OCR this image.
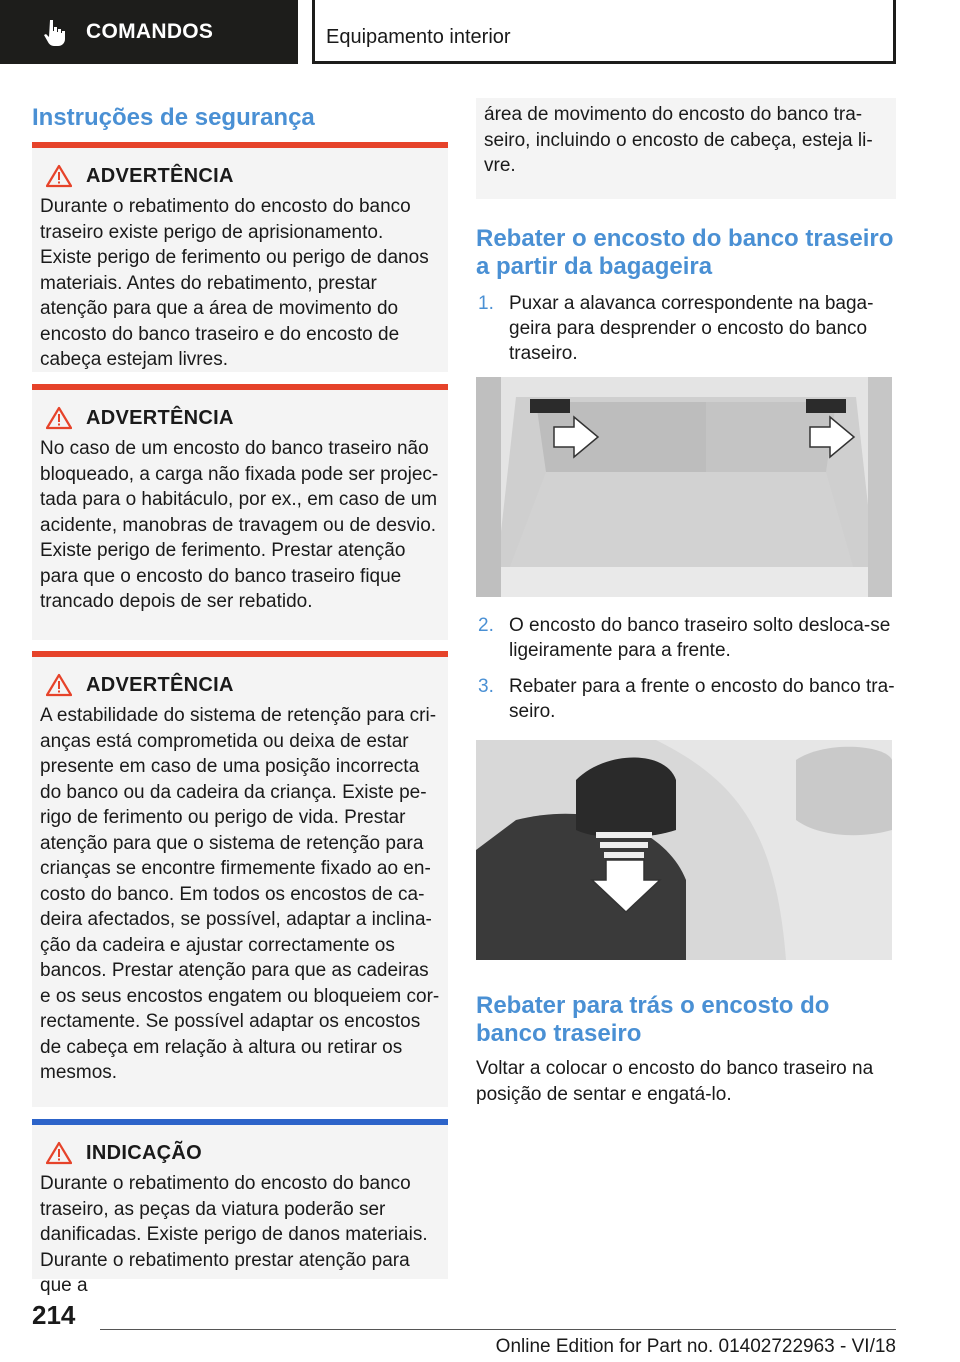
COMANDOS	Equipamento interior
Instruções de segurança
ADVERTÊNCIA

Durante o rebatimento do encosto do banco traseiro existe perigo de aprisionamento. Existe perigo de ferimento ou perigo de danos materiais. Antes do rebatimento, prestar atenção para que a área de movimento do encosto do banco traseiro e do encosto de cabeça estejam livres.

ADVERTÊNCIA

No caso de um encosto do banco traseiro não bloqueado, a carga não fixada pode ser projectada para o habitáculo, por ex., em caso de um acidente, manobras de travagem ou de desvio. Existe perigo de ferimento. Prestar atenção para que o encosto do banco traseiro fique trancado depois de ser rebatido.

ADVERTÊNCIA

A estabilidade do sistema de retenção para crianças está comprometida ou deixa de estar presente em caso de uma posição incorrecta do banco ou da cadeira da criança. Existe perigo de ferimento ou perigo de vida. Prestar atenção para que o sistema de retenção para crianças se encontre firmemente fixado ao encosto do banco. Em todos os encostos de cadeira afectados, se possível, adaptar a inclinação da cadeira e ajustar correctamente os bancos. Prestar atenção para que as cadeiras e os seus encostos engatem ou bloqueiem correctamente. Se possível adaptar os encostos de cabeça em relação à altura ou retirar os mesmos.

INDICAÇÃO

Durante o rebatimento do encosto do banco traseiro, as peças da viatura poderão ser danificadas. Existe perigo de danos materiais. Durante o rebatimento prestar atenção para que a

área de movimento do encosto do banco traseiro, incluindo o encosto de cabeça, esteja livre.

Rebater o encosto do banco traseiro a partir da bagageira
1. Puxar a alavanca correspondente na bagageira para desprender o encosto do banco traseiro.
2. O encosto do banco traseiro solto desloca-se ligeiramente para a frente.
3. Rebater para a frente o encosto do banco traseiro.
Rebater para trás o encosto do banco traseiro

Voltar a colocar o encosto do banco traseiro na posição de sentar e engatá-lo.

214
Online Edition for Part no. 01402722963 - VI/18
